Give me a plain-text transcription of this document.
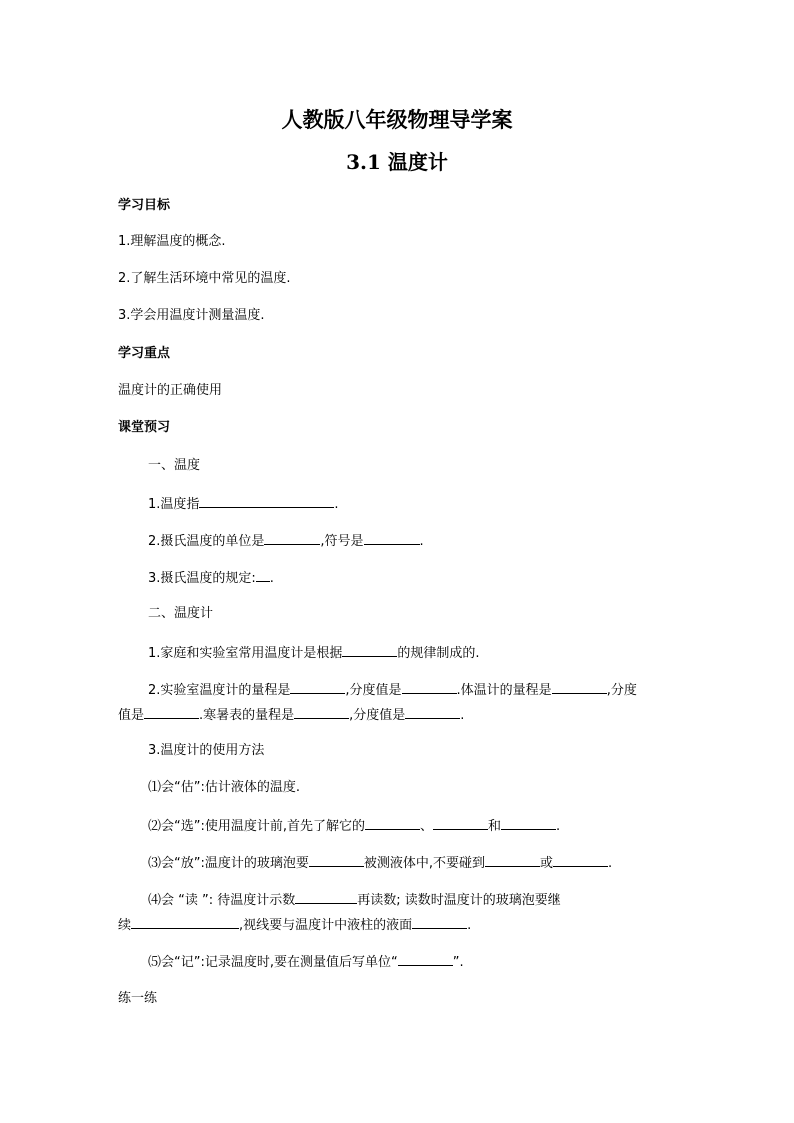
人教版八年级物理导学案
3.1 温度计
学习目标
1.理解温度的概念.
2.了解生活环境中常见的温度.
3.学会用温度计测量温度.
学习重点
温度计的正确使用
课堂预习
一、温度
1.温度指	.
2.摄氏温度的单位是	,符号是	.
3.摄氏温度的规定: .
二、温度计
1.家庭和实验室常用温度计是根据	的规律制成的.
2.实验室温度计的量程是	,分度值是	.体温计的量程是	,分度
值是	.寒暑表的量程是	,分度值是	.
3.温度计的使用方法
⑴会“估”:估计液体的温度.
⑵会“选”:使用温度计前,首先了解它的	、	和	.
⑶会“放”:温度计的玻璃泡要	被测液体中,不要碰到	或	.
⑷会 “读 ”: 待温度计示数	再读数; 读数时温度计的玻璃泡要继
续	,视线要与温度计中液柱的液面	.
⑸会“记”:记录温度时,要在测量值后写单位“	”.
练一练
